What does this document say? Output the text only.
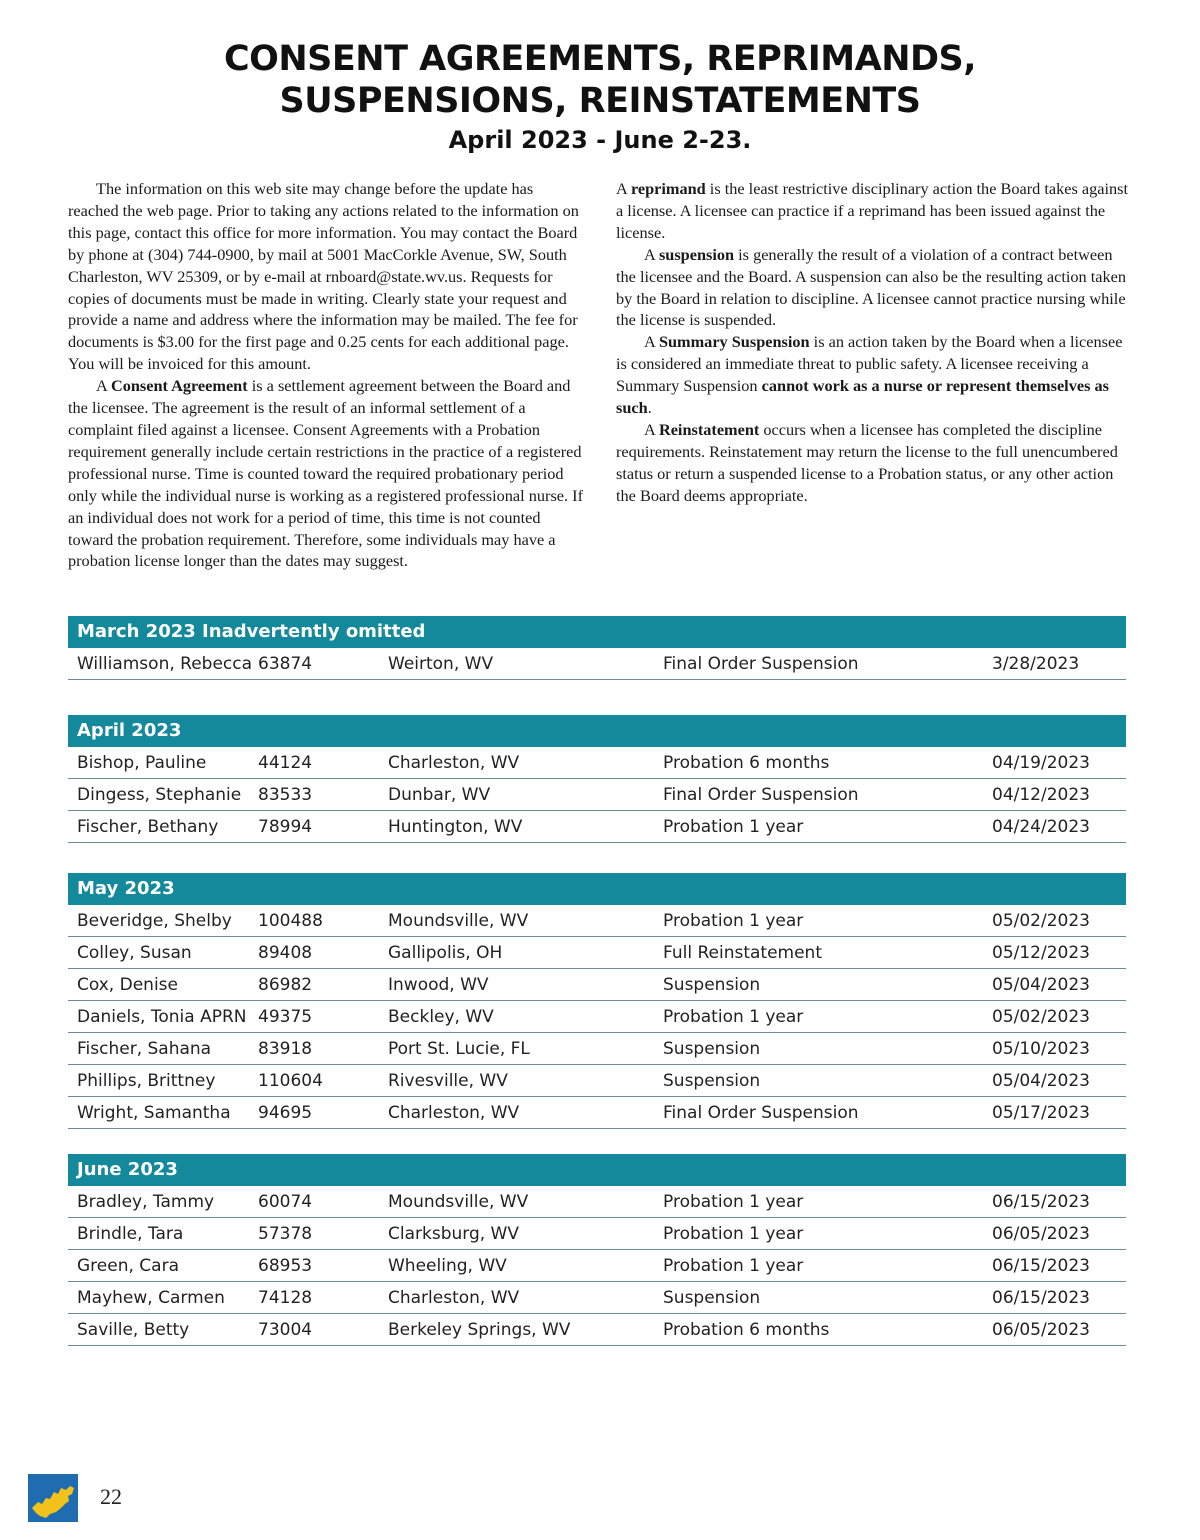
CONSENT AGREEMENTS, REPRIMANDS,
SUSPENSIONS, REINSTATEMENTS
April 2023 - June 2-23.

The information on this web site may change before the update has reached the web page. Prior to taking any actions related to the information on this page, contact this office for more information. You may contact the Board by phone at (304) 744-0900, by mail at 5001 MacCorkle Avenue, SW, South Charleston, WV 25309, or by e-mail at rnboard@state.wv.us. Requests for copies of documents must be made in writing. Clearly state your request and provide a name and address where the information may be mailed. The fee for documents is $3.00 for the first page and 0.25 cents for each additional page. You will be invoiced for this amount.

A Consent Agreement is a settlement agreement between the Board and the licensee. The agreement is the result of an informal settlement of a complaint filed against a licensee. Consent Agreements with a Probation requirement generally include certain restrictions in the practice of a registered professional nurse. Time is counted toward the required probationary period only while the individual nurse is working as a registered professional nurse. If an individual does not work for a period of time, this time is not counted toward the probation requirement. Therefore, some individuals may have a probation license longer than the dates may suggest.

A reprimand is the least restrictive disciplinary action the Board takes against a license. A licensee can practice if a reprimand has been issued against the license.

A suspension is generally the result of a violation of a contract between the licensee and the Board. A suspension can also be the resulting action taken by the Board in relation to discipline. A licensee cannot practice nursing while the license is suspended.

A Summary Suspension is an action taken by the Board when a licensee is considered an immediate threat to public safety. A licensee receiving a Summary Suspension cannot work as a nurse or represent themselves as such.

A Reinstatement occurs when a licensee has completed the discipline requirements. Reinstatement may return the license to the full unencumbered status or return a suspended license to a Probation status, or any other action the Board deems appropriate.

March 2023 Inadvertently omitted
Williamson, Rebecca 63874	Weirton, WV	Final Order Suspension	3/28/2023
April 2023
Bishop, Pauline	44124	Charleston, WV	Probation 6 months	04/19/2023
Dingess, Stephanie 83533	Dunbar, WV	Final Order Suspension	04/12/2023
Fischer, Bethany 78994	Huntington, WV	Probation 1 year	04/24/2023
May 2023
Beveridge, Shelby 100488	Moundsville, WV	Probation 1 year	05/02/2023
Colley, Susan	89408	Gallipolis, OH	Full Reinstatement	05/12/2023
Cox, Denise	86982	Inwood, WV	Suspension	05/04/2023
Daniels, Tonia APRN 49375	Beckley, WV	Probation 1 year	05/02/2023
Fischer, Sahana	83918	Port St. Lucie, FL	Suspension	05/10/2023
Phillips, Brittney	110604	Rivesville, WV	Suspension	05/04/2023
Wright, Samantha 94695	Charleston, WV	Final Order Suspension	05/17/2023
June 2023
Bradley, Tammy	60074	Moundsville, WV	Probation 1 year	06/15/2023
Brindle, Tara	57378	Clarksburg, WV	Probation 1 year	06/05/2023
Green, Cara	68953	Wheeling, WV	Probation 1 year	06/15/2023
Mayhew, Carmen 74128	Charleston, WV	Suspension	06/15/2023
Saville, Betty	73004	Berkeley Springs, WV	Probation 6 months	06/05/2023
22
